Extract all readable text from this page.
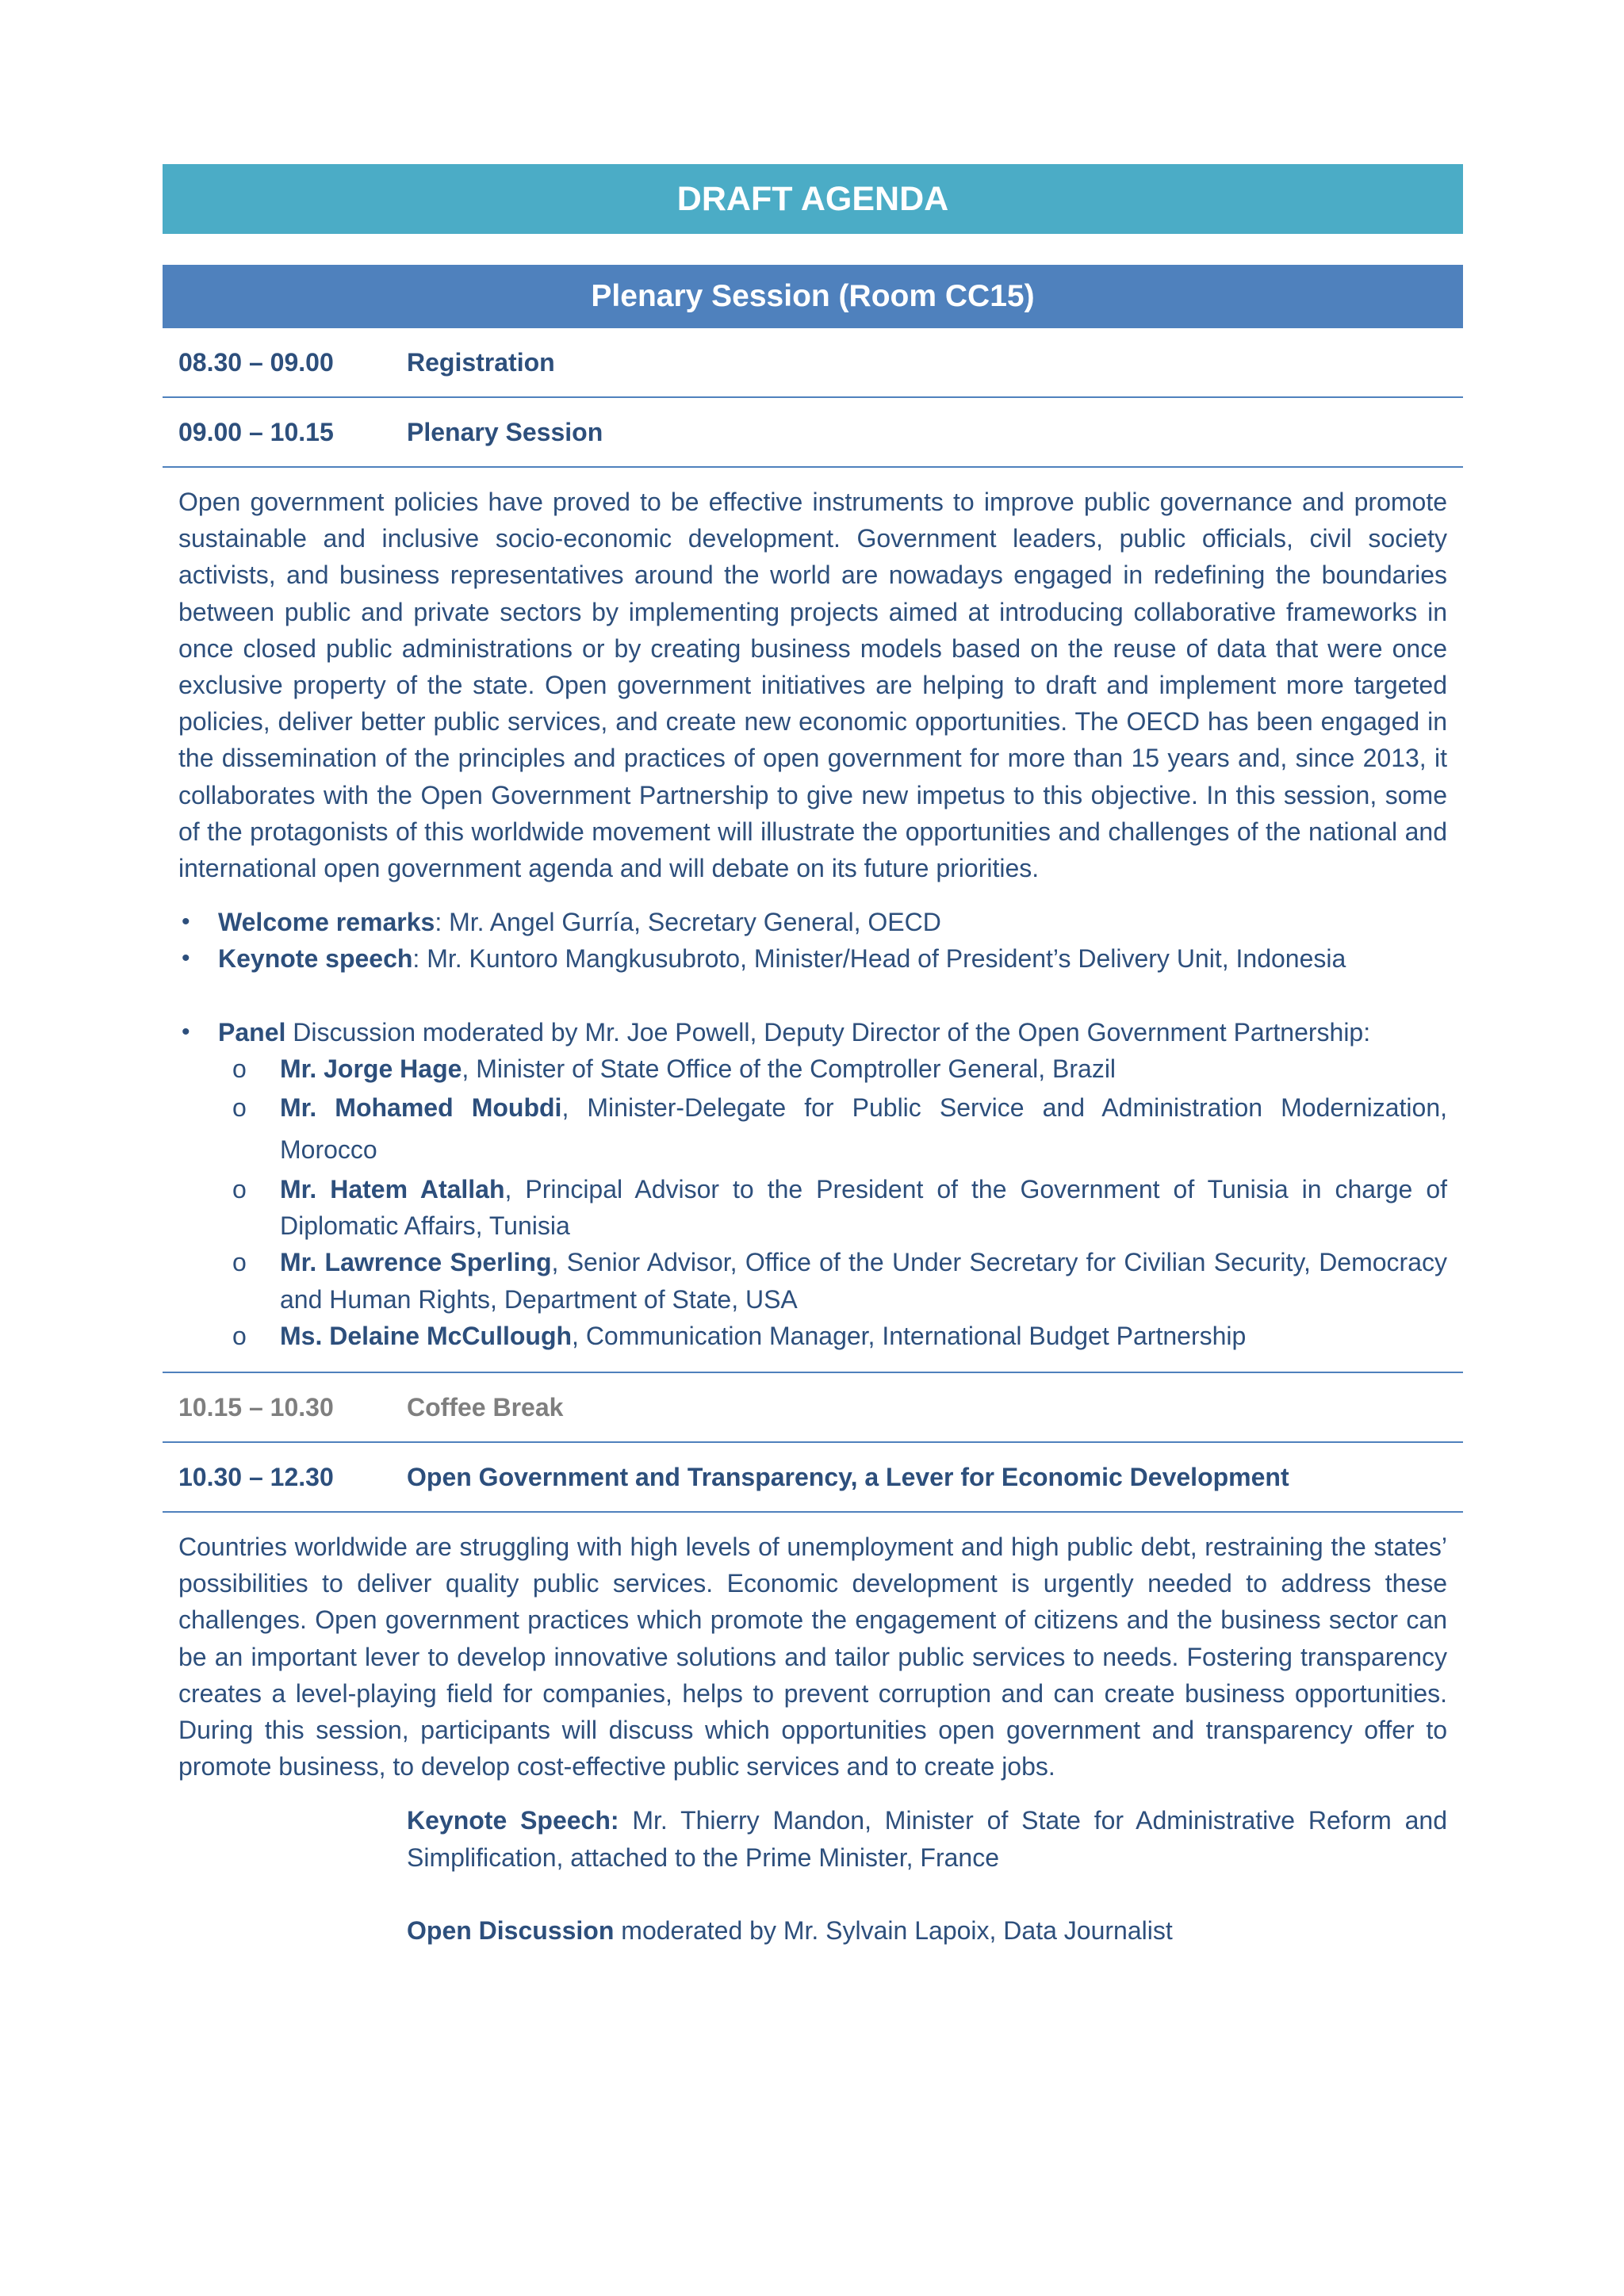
DRAFT AGENDA
Plenary Session (Room CC15)
08.30 – 09.00	Registration
09.00 – 10.15	Plenary Session

Open government policies have proved to be effective instruments to improve public governance and promote sustainable and inclusive socio-economic development. Government leaders, public officials, civil society activists, and business representatives around the world are nowadays engaged in redefining the boundaries between public and private sectors by implementing projects aimed at introducing collaborative frameworks in once closed public administrations or by creating business models based on the reuse of data that were once exclusive property of the state. Open government initiatives are helping to draft and implement more targeted policies, deliver better public services, and create new economic opportunities. The OECD has been engaged in the dissemination of the principles and practices of open government for more than 15 years and, since 2013, it collaborates with the Open Government Partnership to give new impetus to this objective. In this session, some of the protagonists of this worldwide movement will illustrate the opportunities and challenges of the national and international open government agenda and will debate on its future priorities.

• Welcome remarks: Mr. Angel Gurría, Secretary General, OECD
• Keynote speech: Mr. Kuntoro Mangkusubroto, Minister/Head of President’s Delivery Unit, Indonesia
• Panel Discussion moderated by Mr. Joe Powell, Deputy Director of the Open Government Partnership:
o Mr. Jorge Hage, Minister of State Office of the Comptroller General, Brazil
o Mr. Mohamed Moubdi, Minister-Delegate for Public Service and Administration Modernization, Morocco
o Mr. Hatem Atallah, Principal Advisor to the President of the Government of Tunisia in charge of Diplomatic Affairs, Tunisia
o Mr. Lawrence Sperling, Senior Advisor, Office of the Under Secretary for Civilian Security, Democracy and Human Rights, Department of State, USA
o Ms. Delaine McCullough, Communication Manager, International Budget Partnership
10.15 – 10.30	Coffee Break
10.30 – 12.30	Open Government and Transparency, a Lever for Economic Development

Countries worldwide are struggling with high levels of unemployment and high public debt, restraining the states’ possibilities to deliver quality public services. Economic development is urgently needed to address these challenges. Open government practices which promote the engagement of citizens and the business sector can be an important lever to develop innovative solutions and tailor public services to needs. Fostering transparency creates a level-playing field for companies, helps to prevent corruption and can create business opportunities. During this session, participants will discuss which opportunities open government and transparency offer to promote business, to develop cost-effective public services and to create jobs.

Keynote Speech: Mr. Thierry Mandon, Minister of State for Administrative Reform and Simplification, attached to the Prime Minister, France

Open Discussion moderated by Mr. Sylvain Lapoix, Data Journalist
